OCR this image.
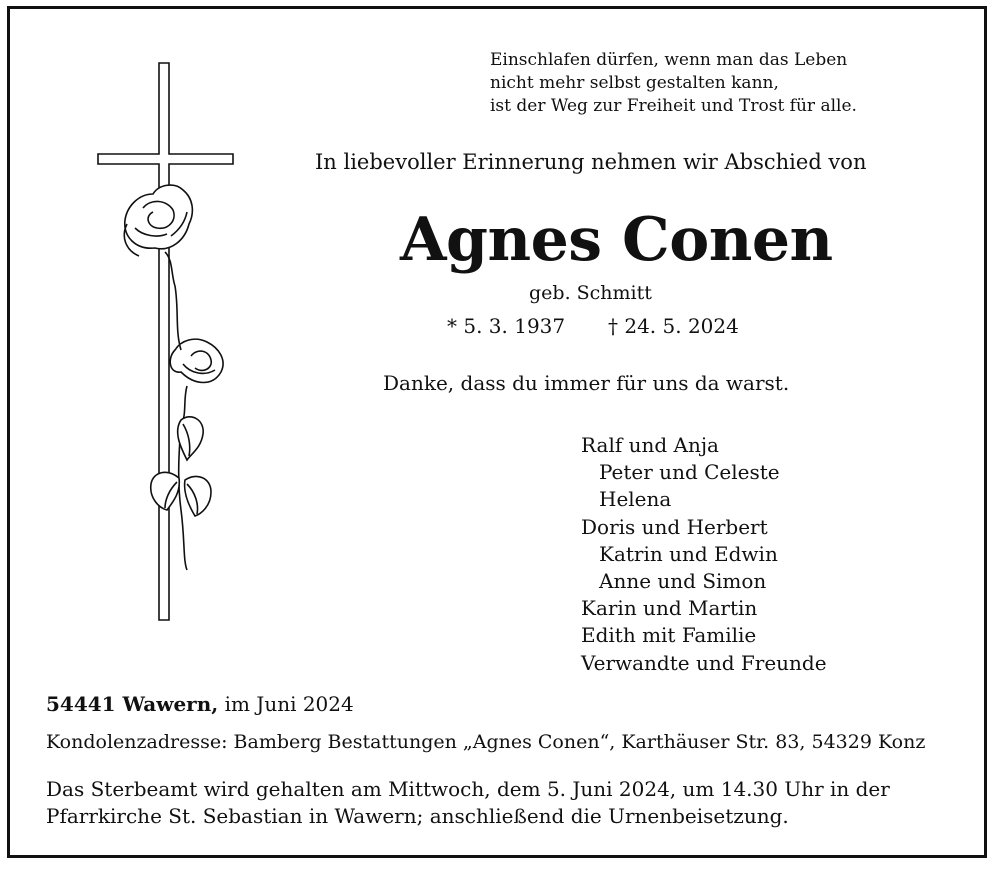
Einschlafen dürfen, wenn man das Leben
nicht mehr selbst gestalten kann,
ist der Weg zur Freiheit und Trost für alle.
In liebevoller Erinnerung nehmen wir Abschied von
Agnes Conen
geb. Schmitt
* 5. 3. 1937 † 24. 5. 2024
Danke, dass du immer für uns da warst.
Ralf und Anja
Peter und Celeste
Helena
Doris und Herbert
Katrin und Edwin
Anne und Simon
Karin und Martin
Edith mit Familie
Verwandte und Freunde
54441 Wawern, im Juni 2024
Kondolenzadresse: Bamberg Bestattungen „Agnes Conen“, Karthäuser Str. 83, 54329 Konz
Das Sterbeamt wird gehalten am Mittwoch, dem 5. Juni 2024, um 14.30 Uhr in der
Pfarrkirche St. Sebastian in Wawern; anschließend die Urnenbeisetzung.
